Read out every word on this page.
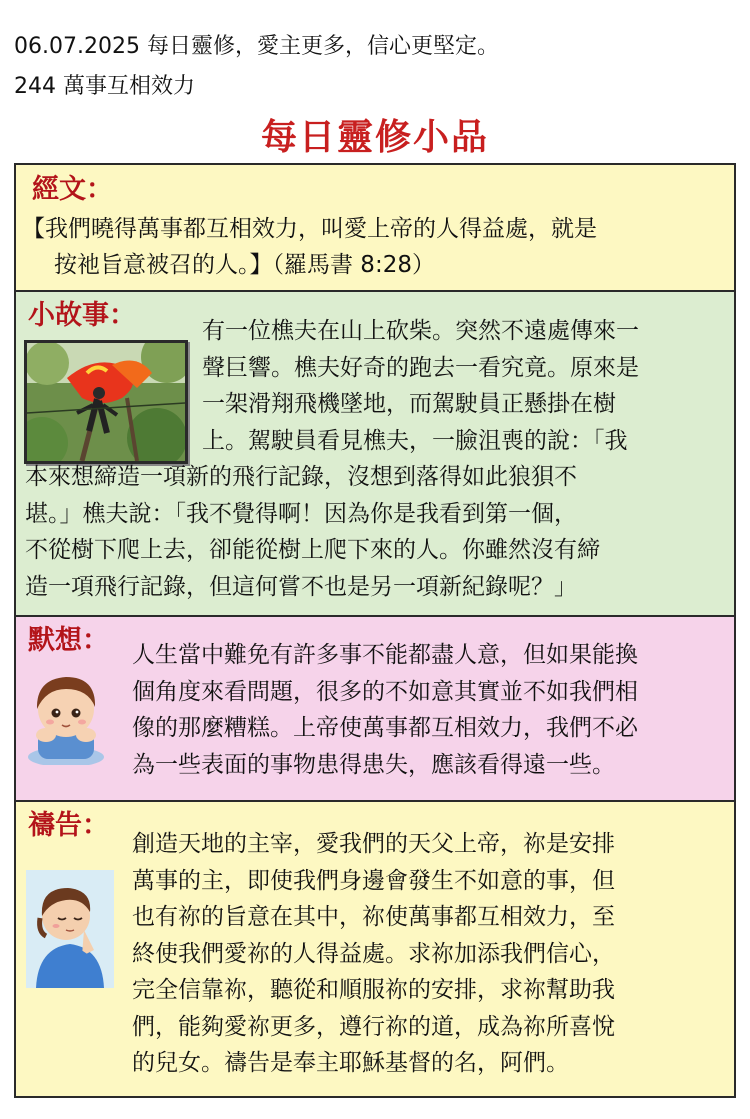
06.07.2025 每日靈修，愛主更多，信心更堅定。
244 萬事互相效力
每日靈修小品
經文：
【我們曉得萬事都互相效力，叫愛上帝的人得益處，就是
按祂旨意被召的人。】（羅馬書 8:28）
小故事：	有一位樵夫在山上砍柴。突然不遠處傳來一
聲巨響。樵夫好奇的跑去一看究竟。原來是
一架滑翔飛機墜地，而駕駛員正懸掛在樹
上。駕駛員看見樵夫，一臉沮喪的說：「我
本來想締造一項新的飛行記錄，沒想到落得如此狼狽不
堪。」樵夫說：「我不覺得啊！因為你是我看到第一個，
不從樹下爬上去，卻能從樹上爬下來的人。你雖然沒有締
造一項飛行記錄，但這何嘗不也是另一項新紀錄呢？」
默想： 人生當中難免有許多事不能都盡人意，但如果能換
個角度來看問題，很多的不如意其實並不如我們相
像的那麼糟糕。上帝使萬事都互相效力，我們不必
為一些表面的事物患得患失，應該看得遠一些。
禱告：
創造天地的主宰，愛我們的天父上帝，祢是安排
萬事的主，即使我們身邊會發生不如意的事，但
也有祢的旨意在其中，祢使萬事都互相效力，至
終使我們愛祢的人得益處。求祢加添我們信心，
完全信靠祢，聽從和順服祢的安排，求祢幫助我
們，能夠愛祢更多，遵行祢的道，成為祢所喜悅
的兒女。禱告是奉主耶穌基督的名，阿們。
